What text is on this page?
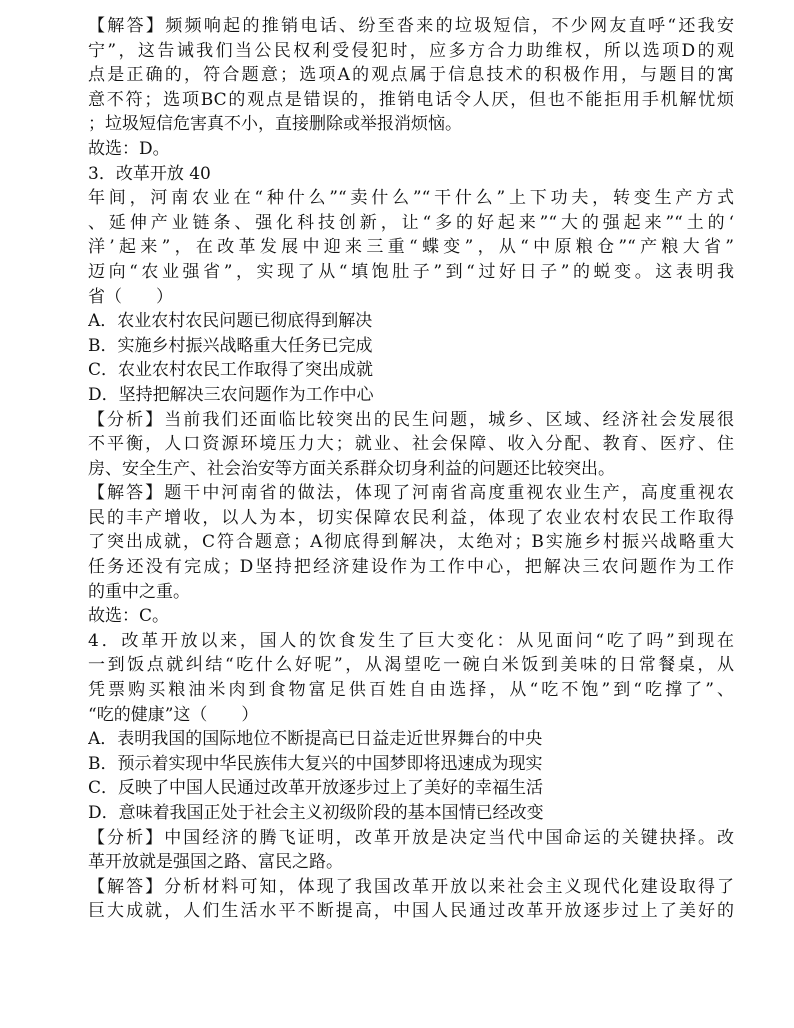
【解答】频频响起的推销电话、纷至沓来的垃圾短信，不少网友直呼“还我安
宁”，这告诫我们当公民权利受侵犯时，应多方合力助维权，所以选项D的观
点是正确的，符合题意；选项A的观点属于信息技术的积极作用，与题目的寓
意不符；选项BC的观点是错误的，推销电话令人厌，但也不能拒用手机解忧烦
；垃圾短信危害真不小，直接删除或举报消烦恼。
故选：D。
3．改革开放 40
年间，河南农业在“种什么”“卖什么”“干什么”上下功夫，转变生产方式
、延伸产业链条、强化科技创新，让“多的好起来”“大的强起来”“土的‘
洋’起来”，在改革发展中迎来三重“蝶变”，从“中原粮仓”“产粮大省”
迈向“农业强省”，实现了从“填饱肚子”到“过好日子”的蜕变。这表明我
省（　　）
A．农业农村农民问题已彻底得到解决
B．实施乡村振兴战略重大任务已完成
C．农业农村农民工作取得了突出成就
D．坚持把解决三农问题作为工作中心
【分析】当前我们还面临比较突出的民生问题，城乡、区域、经济社会发展很
不平衡，人口资源环境压力大；就业、社会保障、收入分配、教育、医疗、住
房、安全生产、社会治安等方面关系群众切身利益的问题还比较突出。
【解答】题干中河南省的做法，体现了河南省高度重视农业生产，高度重视农
民的丰产增收，以人为本，切实保障农民利益，体现了农业农村农民工作取得
了突出成就，C符合题意；A彻底得到解决，太绝对；B实施乡村振兴战略重大
任务还没有完成；D坚持把经济建设作为工作中心，把解决三农问题作为工作
的重中之重。
故选：C。
4．改革开放以来，国人的饮食发生了巨大变化：从见面问“吃了吗”到现在
一到饭点就纠结“吃什么好呢”，从渴望吃一碗白米饭到美味的日常餐桌，从
凭票购买粮油米肉到食物富足供百姓自由选择，从“吃不饱”到“吃撑了”、
“吃的健康”这（　　）
A．表明我国的国际地位不断提高已日益走近世界舞台的中央
B．预示着实现中华民族伟大复兴的中国梦即将迅速成为现实
C．反映了中国人民通过改革开放逐步过上了美好的幸福生活
D．意味着我国正处于社会主义初级阶段的基本国情已经改变
【分析】中国经济的腾飞证明，改革开放是决定当代中国命运的关键抉择。改
革开放就是强国之路、富民之路。
【解答】分析材料可知，体现了我国改革开放以来社会主义现代化建设取得了
巨大成就，人们生活水平不断提高，中国人民通过改革开放逐步过上了美好的
